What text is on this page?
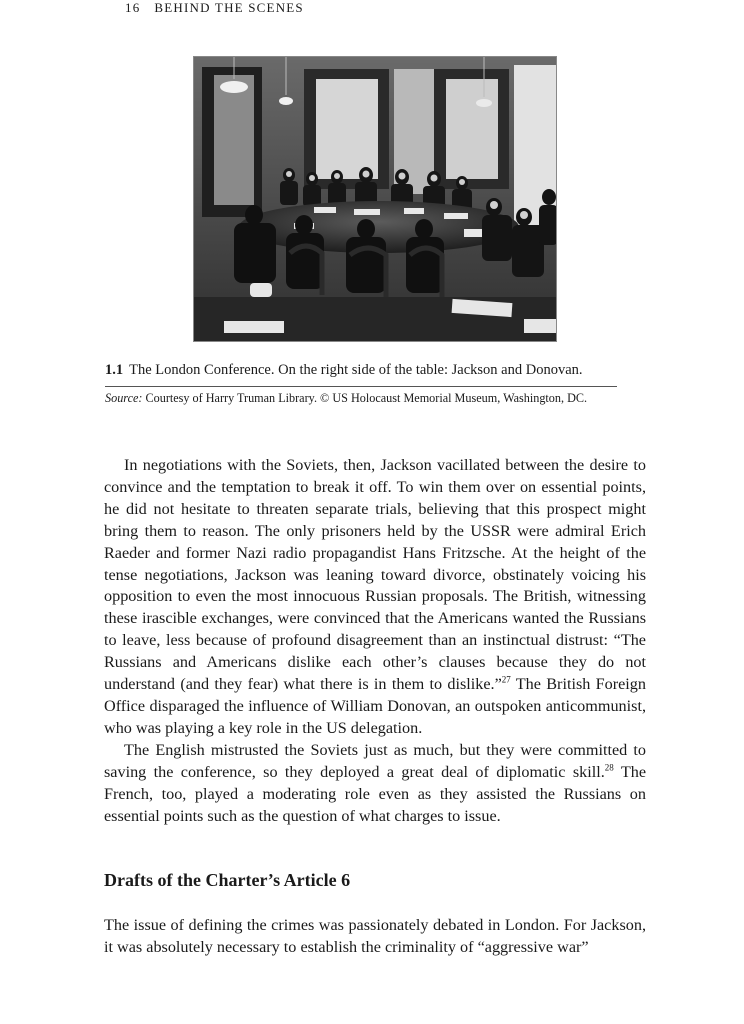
16 BEHIND THE SCENES
1.1 The London Conference. On the right side of the table: Jackson and Donovan.
Source: Courtesy of Harry Truman Library. © US Holocaust Memorial Museum, Washington, DC.

In negotiations with the Soviets, then, Jackson vacillated between the desire to convince and the temptation to break it off. To win them over on essential points, he did not hesitate to threaten separate trials, believing that this prospect might bring them to reason. The only prisoners held by the USSR were admiral Erich Raeder and former Nazi radio propagandist Hans Fritzsche. At the height of the tense negotiations, Jackson was leaning toward divorce, obstinately voicing his opposition to even the most innocuous Russian proposals. The British, witnessing these irascible exchanges, were convinced that the Americans wanted the Russians to leave, less because of profound disagreement than an instinctual distrust: “The Russians and Americans dislike each other’s clauses because they do not understand (and they fear) what there is in them to dislike.”$^{27}$ The British Foreign Office disparaged the influence of William Donovan, an outspoken anticommunist, who was playing a key role in the US delegation.

The English mistrusted the Soviets just as much, but they were committed to saving the conference, so they deployed a great deal of diplomatic skill.$^{28}$ The French, too, played a moderating role even as they assisted the Russians on essential points such as the question of what charges to issue.

Drafts of the Charter’s Article 6

The issue of defining the crimes was passionately debated in London. For Jackson, it was absolutely necessary to establish the criminality of “aggressive war”
